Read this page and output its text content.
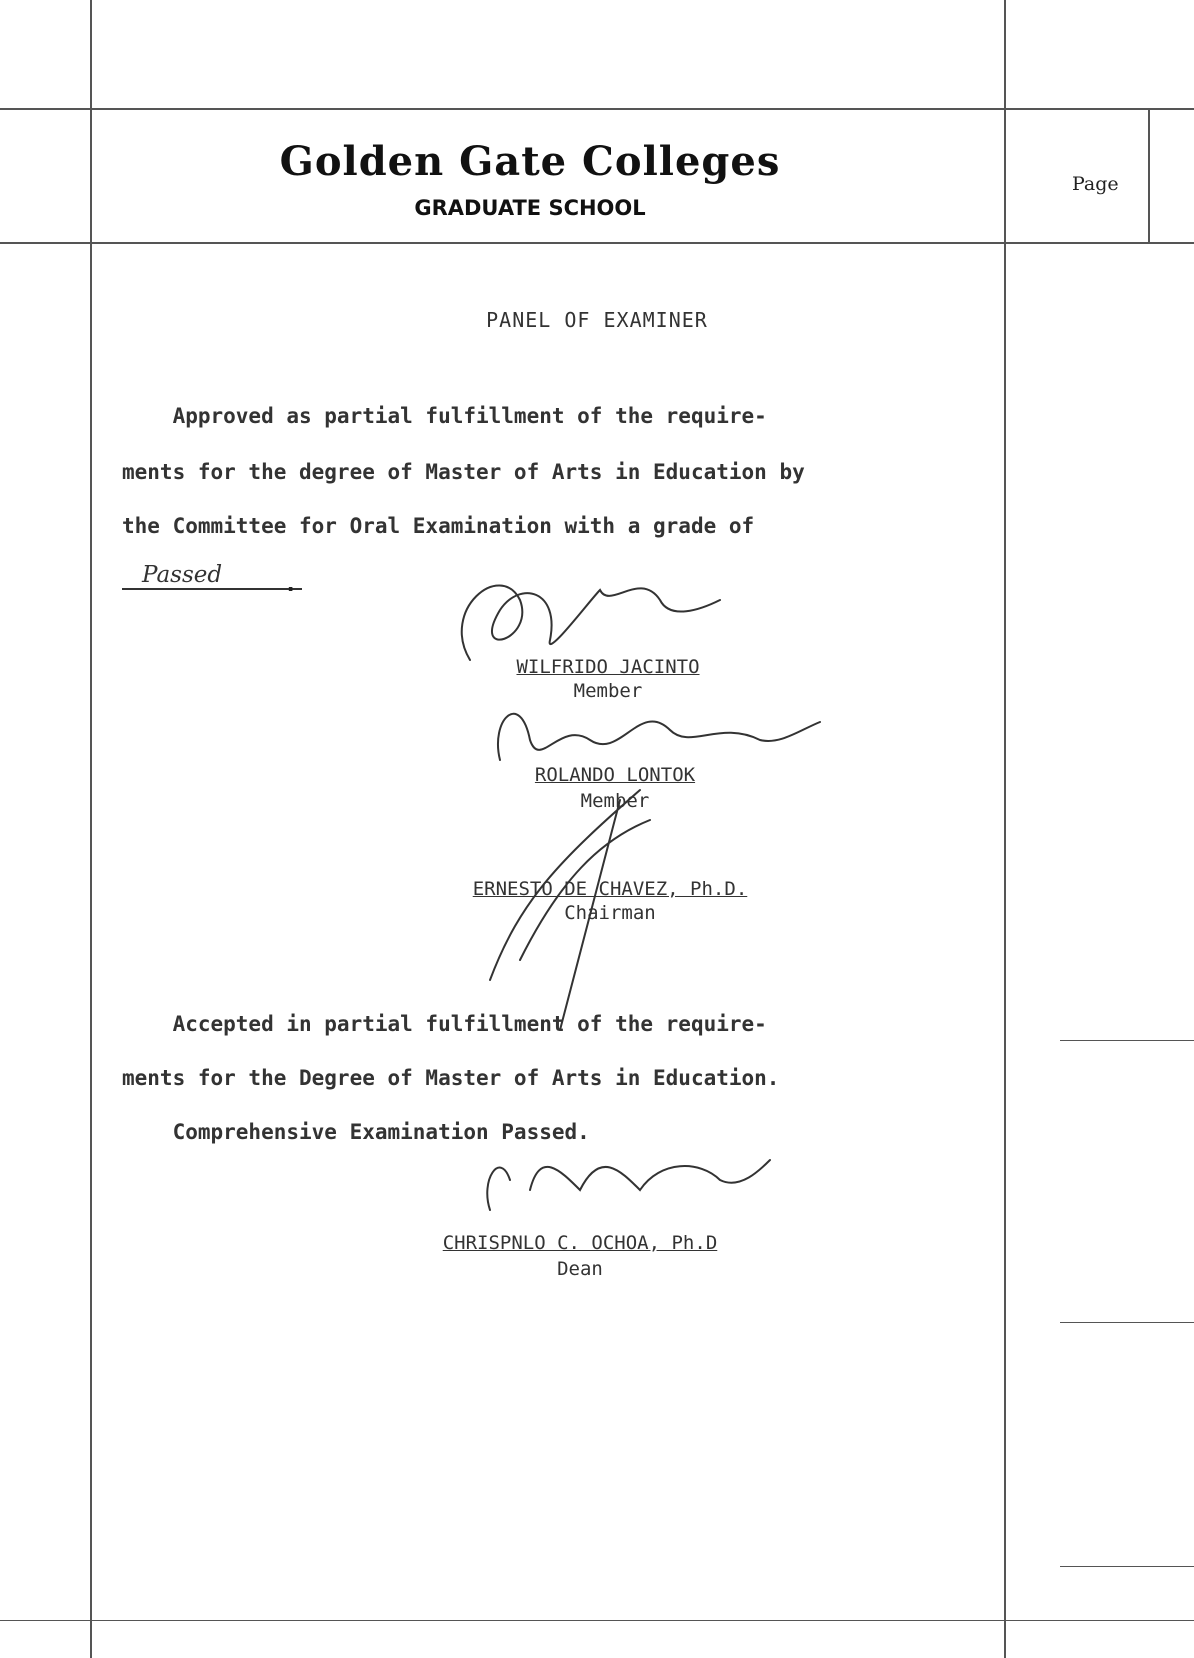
Golden Gate Colleges
GRADUATE SCHOOL
Page
PANEL OF EXAMINER
Approved as partial fulfillment of the require-
ments for the degree of Master of Arts in Education by
the Committee for Oral Examination with a grade of
Passed	.
WILFRIDO JACINTO
Member
ROLANDO LONTOK
Member
ERNESTO DE CHAVEZ, Ph.D.
Chairman
Accepted in partial fulfillment of the require-
ments for the Degree of Master of Arts in Education.
Comprehensive Examination Passed.
CHRISPNLO C. OCHOA, Ph.D
Dean
